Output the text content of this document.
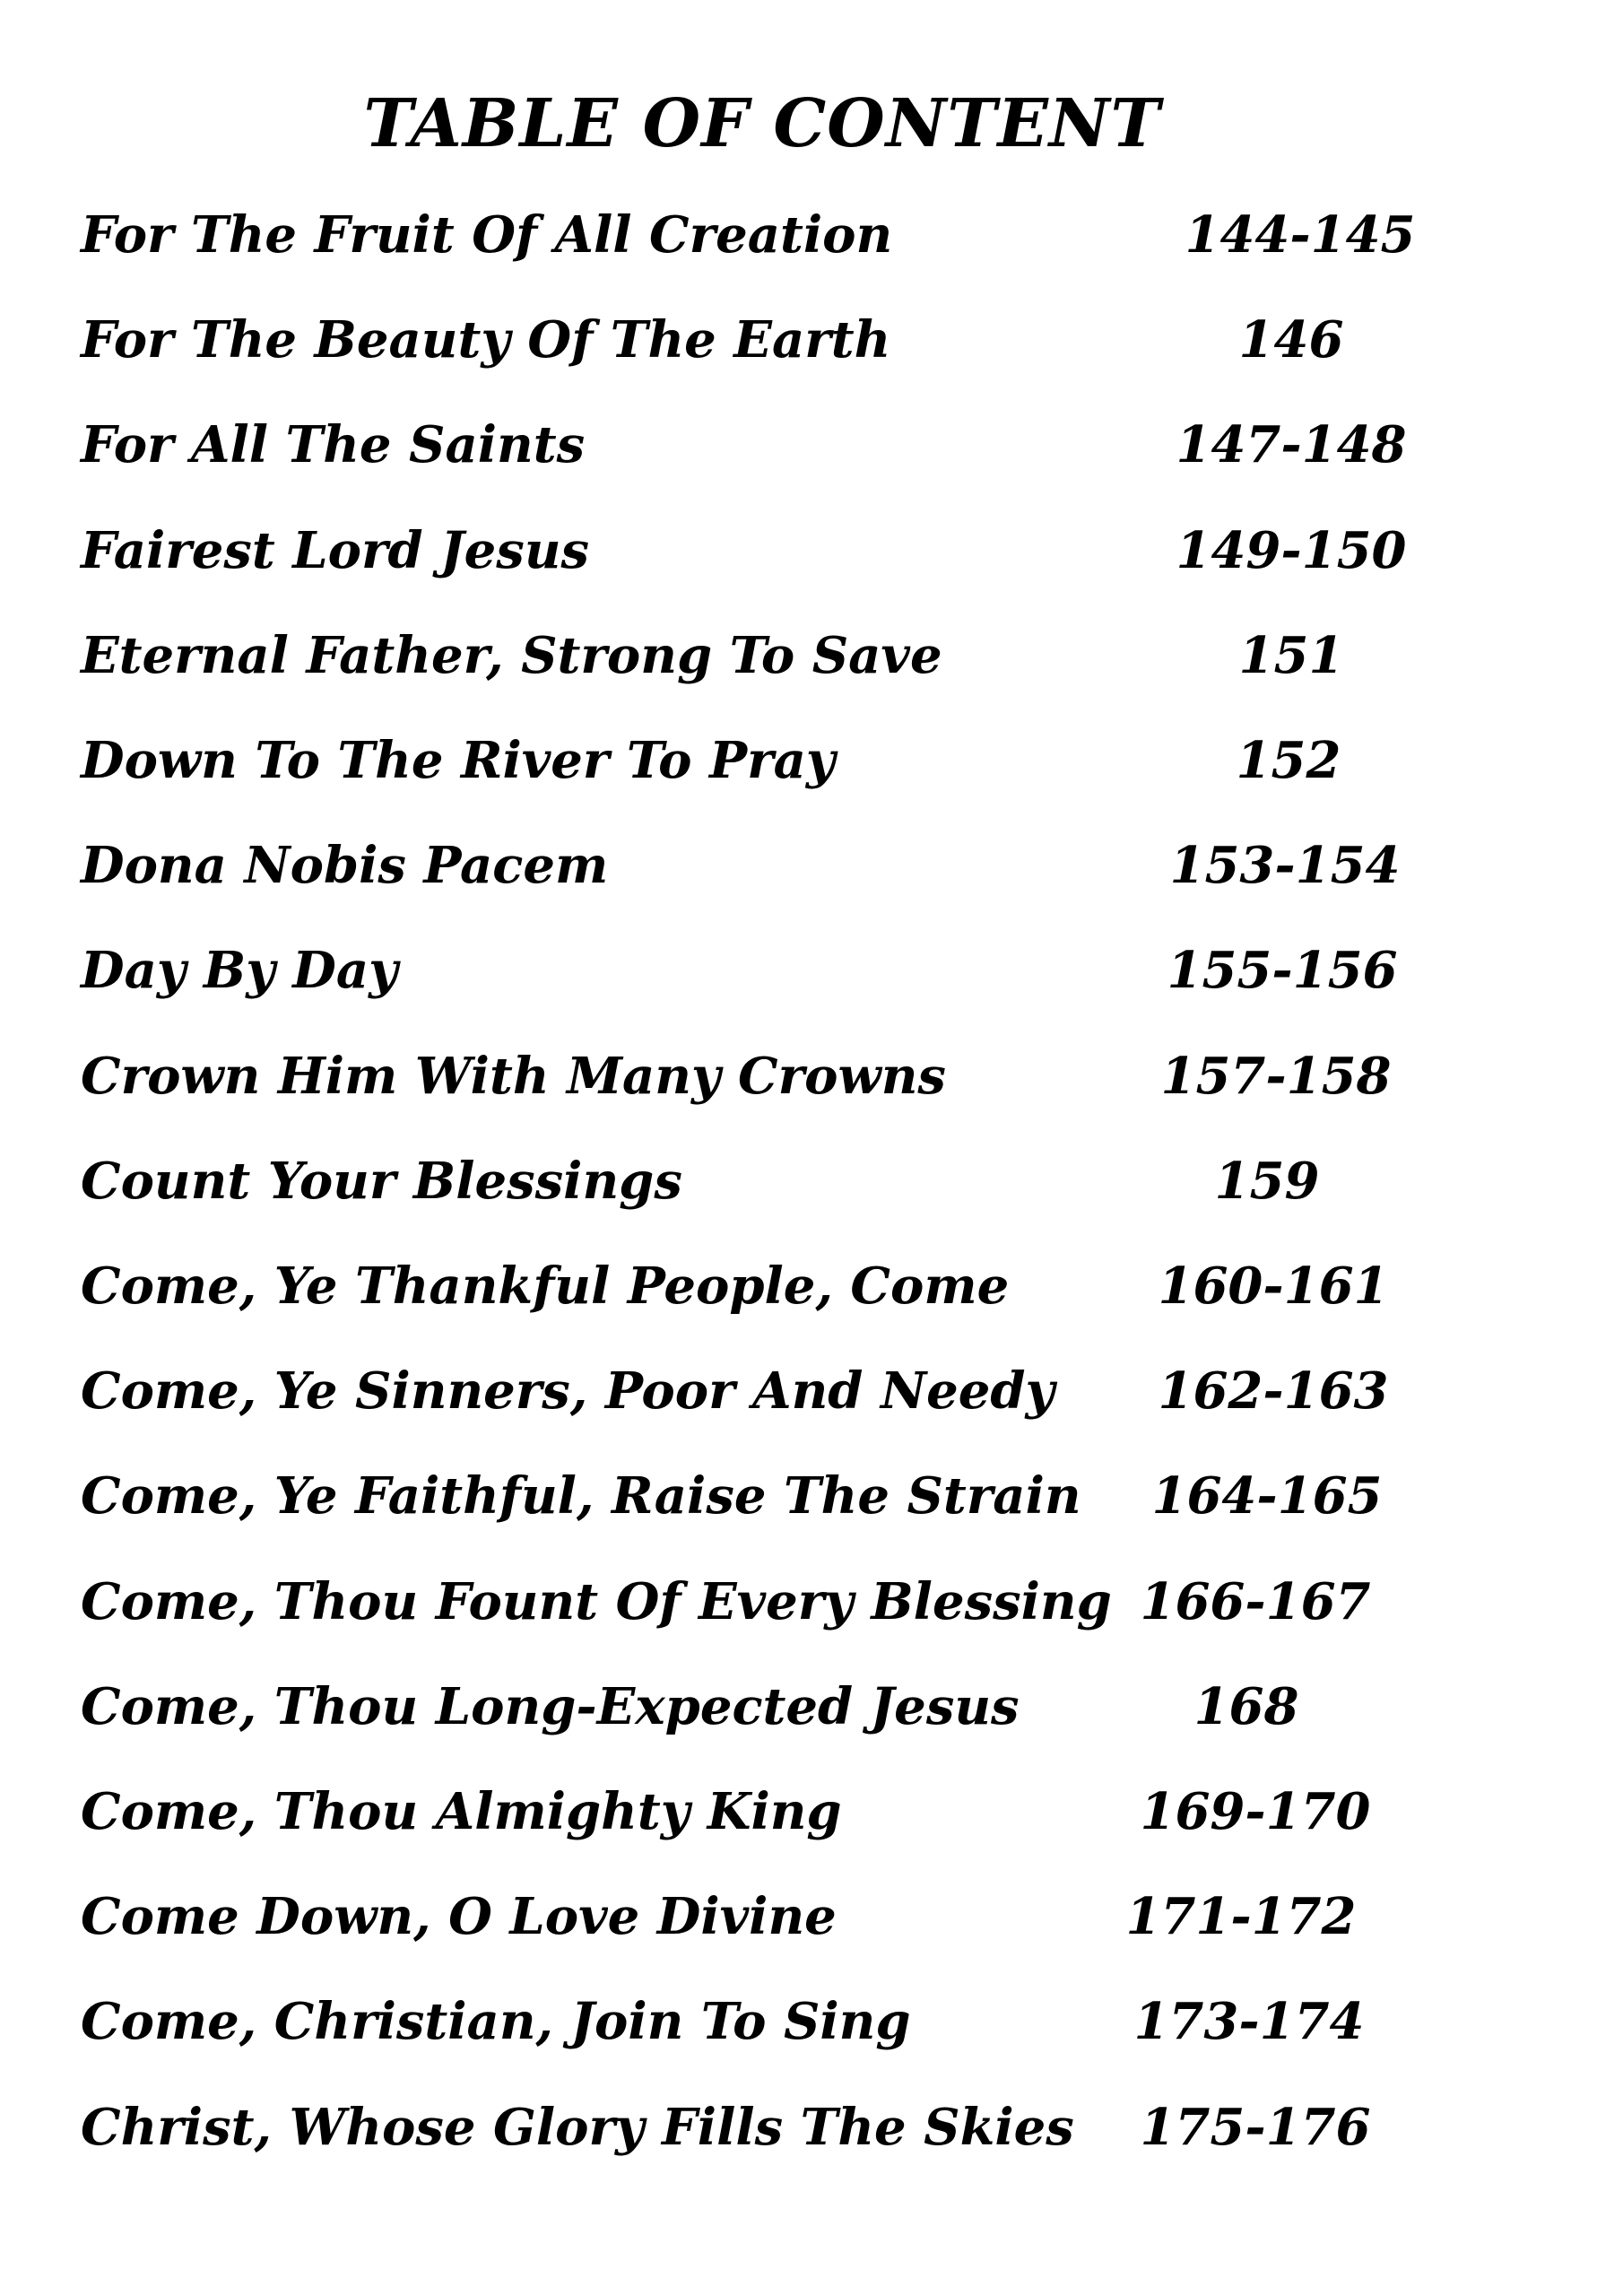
TABLE OF CONTENT
For The Fruit Of All Creation	144-145
For The Beauty Of The Earth	146
For All The Saints	147-148
Fairest Lord Jesus	149-150
Eternal Father, Strong To Save	151
Down To The River To Pray	152
Dona Nobis Pacem	153-154
Day By Day	155-156
Crown Him With Many Crowns	157-158
Count Your Blessings	159
Come, Ye Thankful People, Come	160-161
Come, Ye Sinners, Poor And Needy	162-163
Come, Ye Faithful, Raise The Strain	164-165
Come, Thou Fount Of Every Blessing 166-167
Come, Thou Long-Expected Jesus	168
Come, Thou Almighty King	169-170
Come Down, O Love Divine	171-172
Come, Christian, Join To Sing	173-174
Christ, Whose Glory Fills The Skies	175-176
